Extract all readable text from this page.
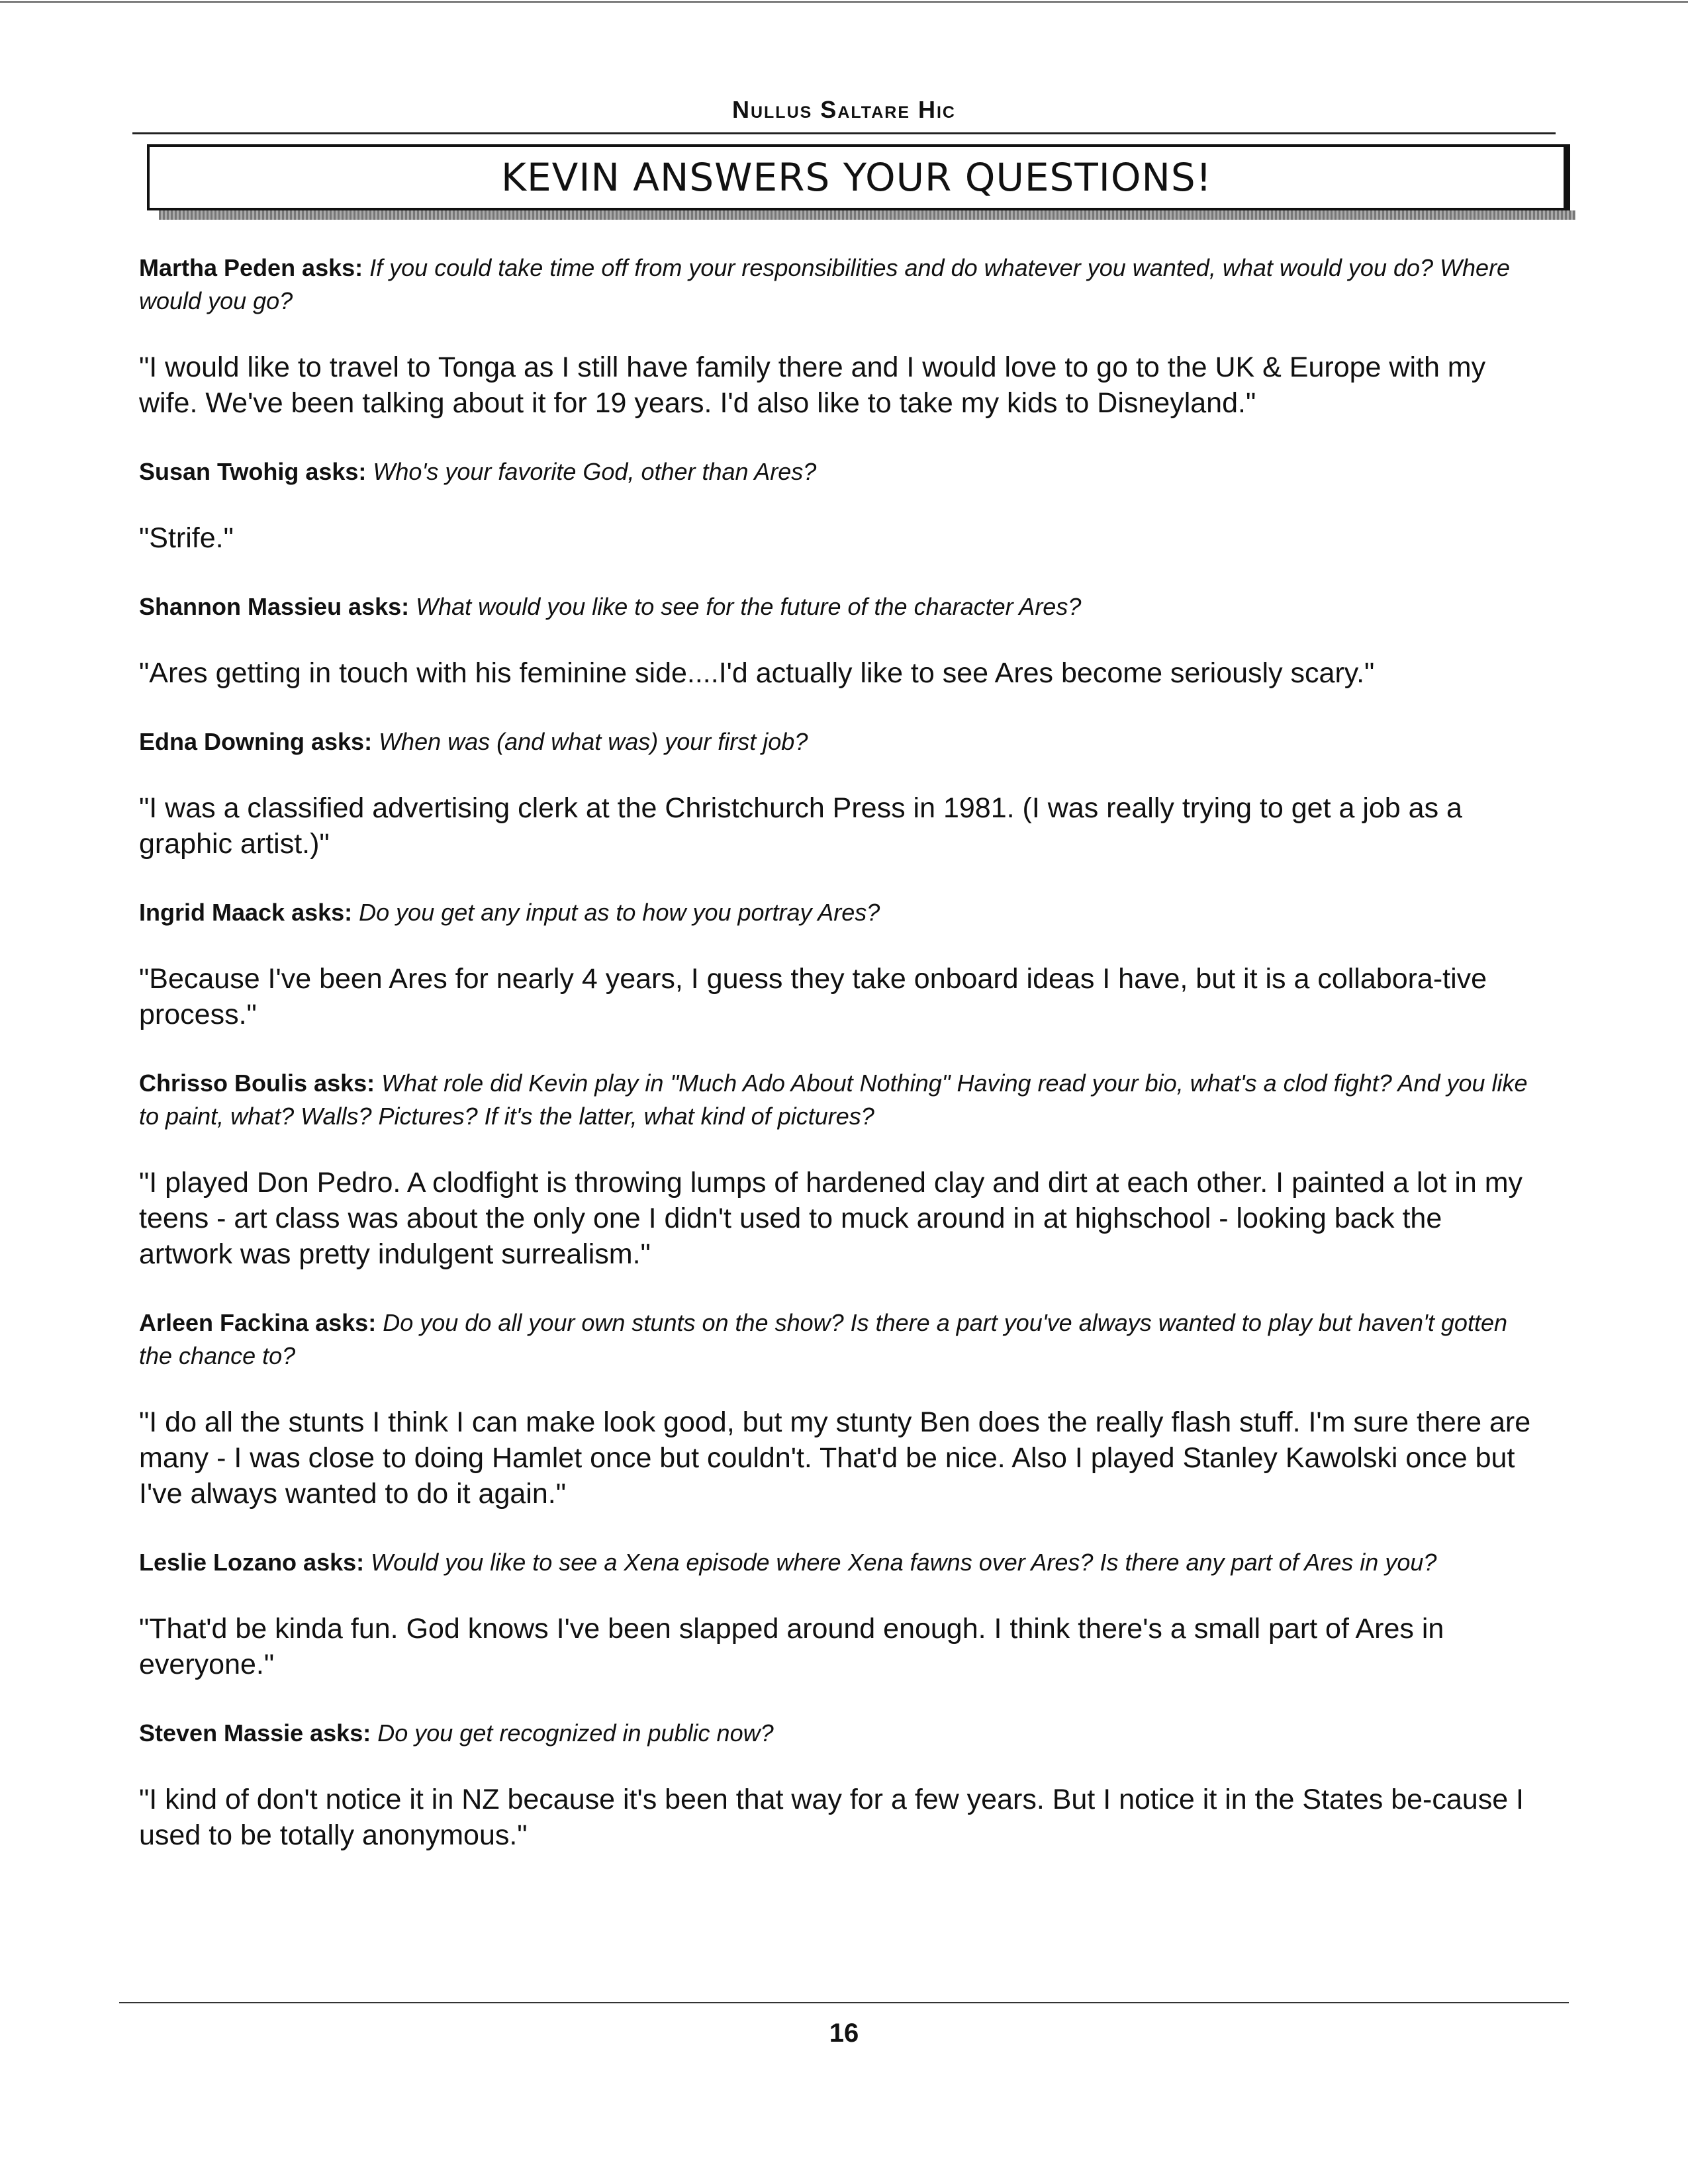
Nullus Saltare Hic
KEVIN ANSWERS YOUR QUESTIONS!

Martha Peden asks: If you could take time off from your responsibilities and do whatever you wanted, what would you do? Where would you go?

"I would like to travel to Tonga as I still have family there and I would love to go to the UK & Europe with my wife. We've been talking about it for 19 years. I'd also like to take my kids to Disneyland."

Susan Twohig asks: Who's your favorite God, other than Ares?

"Strife."

Shannon Massieu asks: What would you like to see for the future of the character Ares?

"Ares getting in touch with his feminine side....I'd actually like to see Ares become seriously scary."

Edna Downing asks: When was (and what was) your first job?

"I was a classified advertising clerk at the Christchurch Press in 1981. (I was really trying to get a job as a graphic artist.)"

Ingrid Maack asks: Do you get any input as to how you portray Ares?

"Because I've been Ares for nearly 4 years, I guess they take onboard ideas I have, but it is a collabora-tive process."

Chrisso Boulis asks: What role did Kevin play in "Much Ado About Nothing" Having read your bio, what's a clod fight? And you like to paint, what? Walls? Pictures? If it's the latter, what kind of pictures?

"I played Don Pedro. A clodfight is throwing lumps of hardened clay and dirt at each other. I painted a lot in my teens - art class was about the only one I didn't used to muck around in at highschool - looking back the artwork was pretty indulgent surrealism."

Arleen Fackina asks: Do you do all your own stunts on the show? Is there a part you've always wanted to play but haven't gotten the chance to?

"I do all the stunts I think I can make look good, but my stunty Ben does the really flash stuff. I'm sure there are many - I was close to doing Hamlet once but couldn't. That'd be nice. Also I played Stanley Kawolski once but I've always wanted to do it again."

Leslie Lozano asks: Would you like to see a Xena episode where Xena fawns over Ares? Is there any part of Ares in you?

"That'd be kinda fun. God knows I've been slapped around enough. I think there's a small part of Ares in everyone."

Steven Massie asks: Do you get recognized in public now?

"I kind of don't notice it in NZ because it's been that way for a few years. But I notice it in the States be-cause I used to be totally anonymous."

16
